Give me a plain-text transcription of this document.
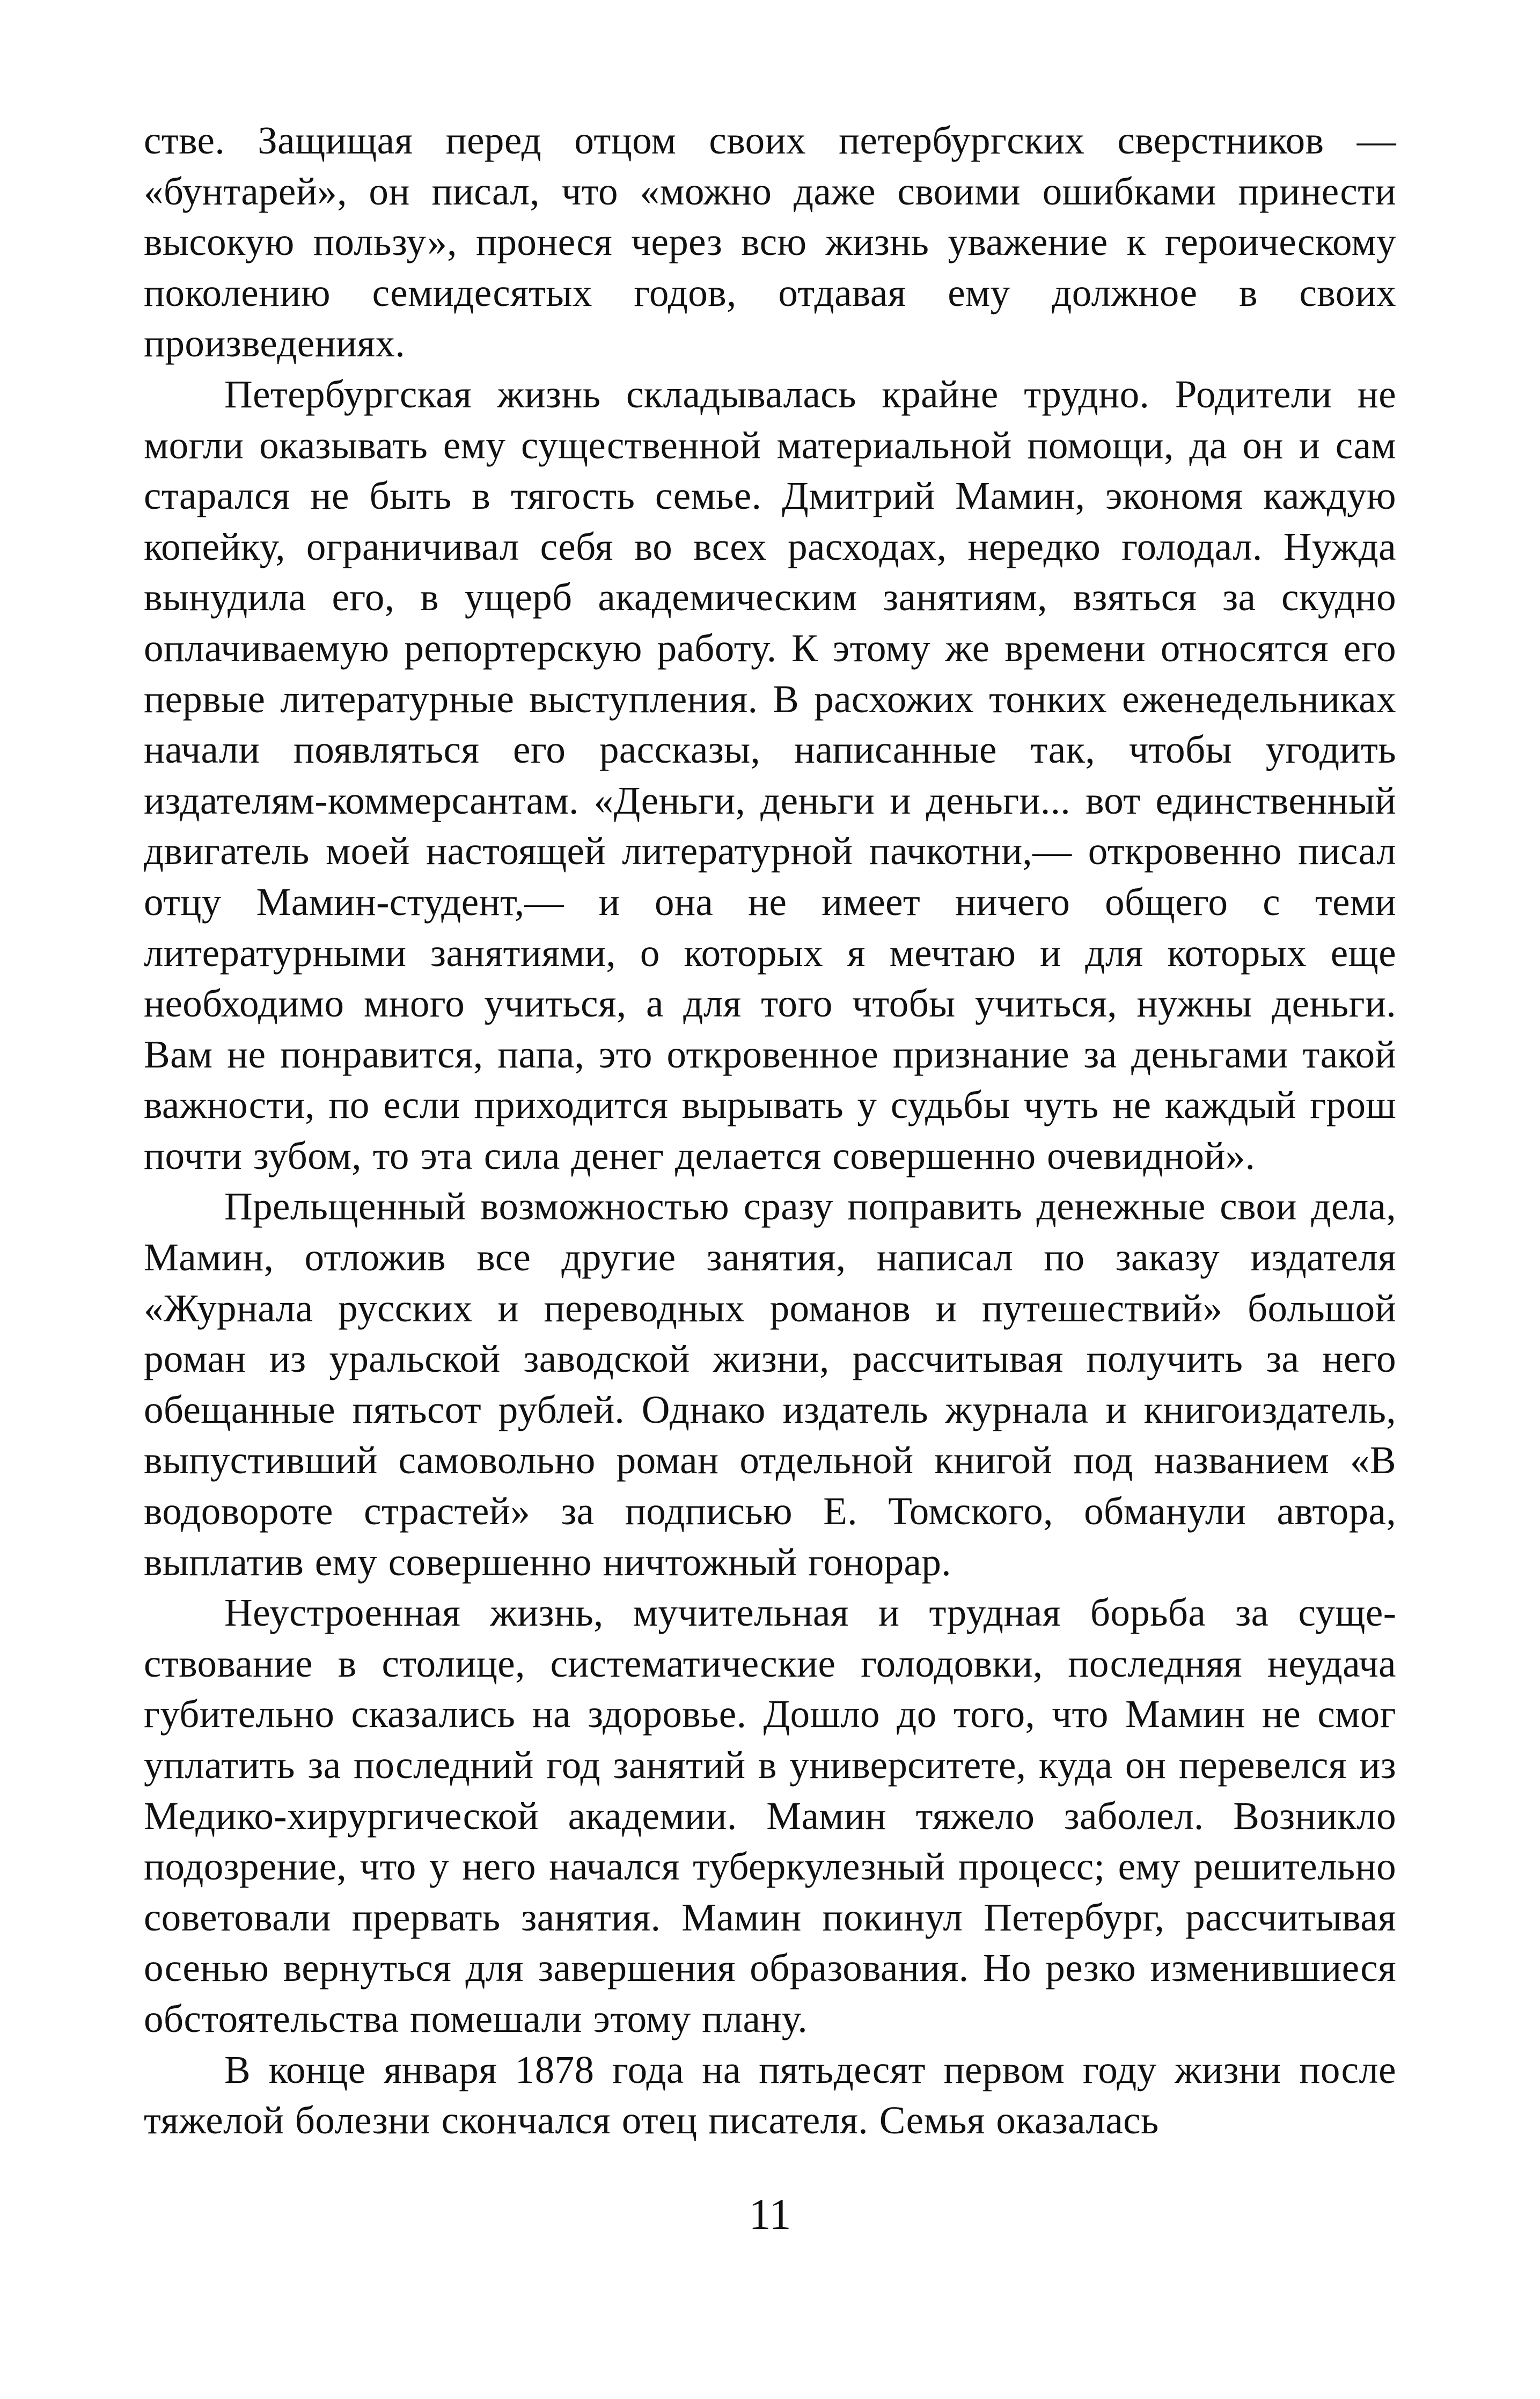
стве. Защищая перед отцом своих петербургских сверстников — «бунтарей», он писал, что «можно даже своими ошибками принести высокую пользу», пронеся через всю жизнь уважение к героическому поколению семидесятых годов, отдавая ему должное в своих произведениях.

Петербургская жизнь складывалась крайне трудно. Родители не могли оказывать ему существенной материальной помощи, да он и сам старался не быть в тягость семье. Дмитрий Мамин, экономя каждую копейку, ограничивал себя во всех расходах, нередко голодал. Нужда вынудила его, в ущерб академическим занятиям, взяться за скудно оплачиваемую репортерскую работу. К этому же времени относятся его первые литературные выступления. В расхожих тонких еженедельниках начали появляться его рассказы, написанные так, чтобы угодить издателям-коммерсантам. «Деньги, деньги и деньги... вот единственный двигатель моей настоящей литературной пачкотни,— откровенно писал отцу Мамин-студент,— и она не имеет ничего общего с теми литературными занятиями, о которых я мечтаю и для которых еще необходимо много учиться, а для того чтобы учиться, нужны деньги. Вам не понравится, папа, это откровенное признание за деньгами такой важности, по если приходится вырывать у судьбы чуть не каждый грош почти зубом, то эта сила денег делается совершенно очевидной».

Прельщенный возможностью сразу поправить денежные свои дела, Мамин, отложив все другие занятия, написал по заказу издателя «Журнала русских и переводных романов и путешествий» большой роман из уральской заводской жизни, рассчитывая получить за него обещанные пятьсот рублей. Однако издатель журнала и книгоиздатель, выпустивший самовольно роман отдельной книгой под названием «В водовороте страстей» за подписью Е. Томского, обманули автора, выплатив ему совершенно ничтожный гонорар.

Неустроенная жизнь, мучительная и трудная борьба за существование в столице, систематические голодовки, последняя неудача губительно сказались на здоровье. Дошло до того, что Мамин не смог уплатить за последний год занятий в университете, куда он перевелся из Медико-хирургической академии. Мамин тяжело заболел. Возникло подозрение, что у него начался туберкулезный процесс; ему решительно советовали прервать занятия. Мамин покинул Петербург, рассчитывая осенью вернуться для завершения образования. Но резко изменившиеся обстоятельства помешали этому плану.

В конце января 1878 года на пятьдесят первом году жизни после тяжелой болезни скончался отец писателя. Семья оказалась

11
